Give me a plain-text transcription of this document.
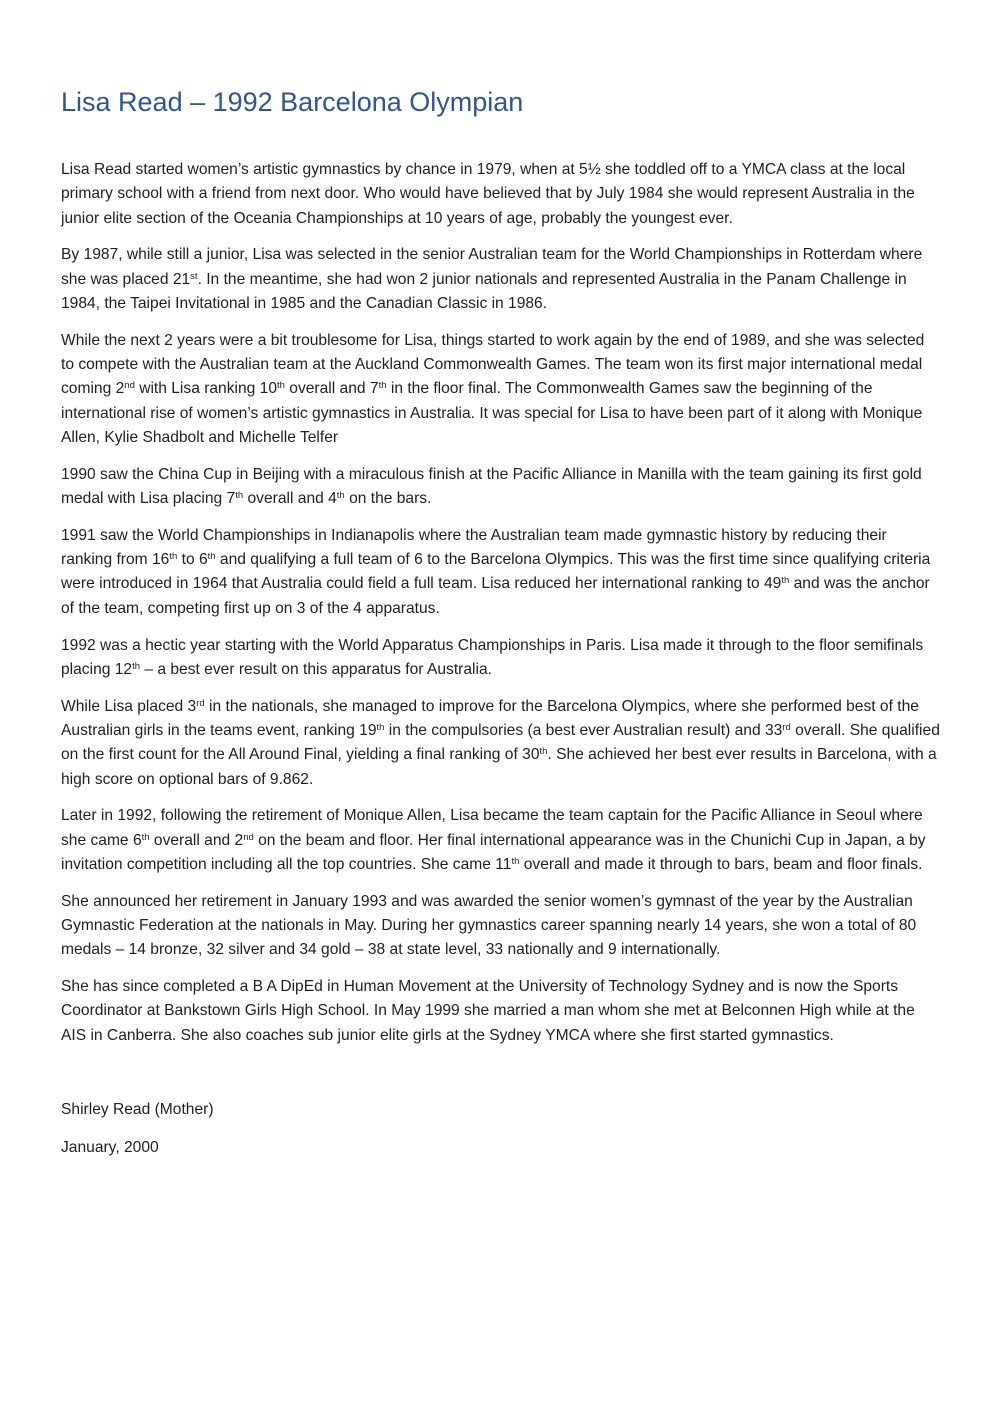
Lisa Read – 1992 Barcelona Olympian

Lisa Read started women’s artistic gymnastics by chance in 1979, when at 5½ she toddled off to a YMCA class at the local primary school with a friend from next door. Who would have believed that by July 1984 she would represent Australia in the junior elite section of the Oceania Championships at 10 years of age, probably the youngest ever.

By 1987, while still a junior, Lisa was selected in the senior Australian team for the World Championships in Rotterdam where she was placed 21st. In the meantime, she had won 2 junior nationals and represented Australia in the Panam Challenge in 1984, the Taipei Invitational in 1985 and the Canadian Classic in 1986.

While the next 2 years were a bit troublesome for Lisa, things started to work again by the end of 1989, and she was selected to compete with the Australian team at the Auckland Commonwealth Games. The team won its first major international medal coming 2nd with Lisa ranking 10th overall and 7th in the floor final. The Commonwealth Games saw the beginning of the international rise of women’s artistic gymnastics in Australia. It was special for Lisa to have been part of it along with Monique Allen, Kylie Shadbolt and Michelle Telfer

1990 saw the China Cup in Beijing with a miraculous finish at the Pacific Alliance in Manilla with the team gaining its first gold medal with Lisa placing 7th overall and 4th on the bars.

1991 saw the World Championships in Indianapolis where the Australian team made gymnastic history by reducing their ranking from 16th to 6th and qualifying a full team of 6 to the Barcelona Olympics. This was the first time since qualifying criteria were introduced in 1964 that Australia could field a full team. Lisa reduced her international ranking to 49th and was the anchor of the team, competing first up on 3 of the 4 apparatus.

1992 was a hectic year starting with the World Apparatus Championships in Paris. Lisa made it through to the floor semifinals placing 12th – a best ever result on this apparatus for Australia.

While Lisa placed 3rd in the nationals, she managed to improve for the Barcelona Olympics, where she performed best of the Australian girls in the teams event, ranking 19th in the compulsories (a best ever Australian result) and 33rd overall. She qualified on the first count for the All Around Final, yielding a final ranking of 30th. She achieved her best ever results in Barcelona, with a high score on optional bars of 9.862.

Later in 1992, following the retirement of Monique Allen, Lisa became the team captain for the Pacific Alliance in Seoul where she came 6th overall and 2nd on the beam and floor. Her final international appearance was in the Chunichi Cup in Japan, a by invitation competition including all the top countries. She came 11th overall and made it through to bars, beam and floor finals.

She announced her retirement in January 1993 and was awarded the senior women’s gymnast of the year by the Australian Gymnastic Federation at the nationals in May. During her gymnastics career spanning nearly 14 years, she won a total of 80 medals – 14 bronze, 32 silver and 34 gold – 38 at state level, 33 nationally and 9 internationally.

She has since completed a B A DipEd in Human Movement at the University of Technology Sydney and is now the Sports Coordinator at Bankstown Girls High School. In May 1999 she married a man whom she met at Belconnen High while at the AIS in Canberra. She also coaches sub junior elite girls at the Sydney YMCA where she first started gymnastics.

Shirley Read (Mother)

January, 2000
